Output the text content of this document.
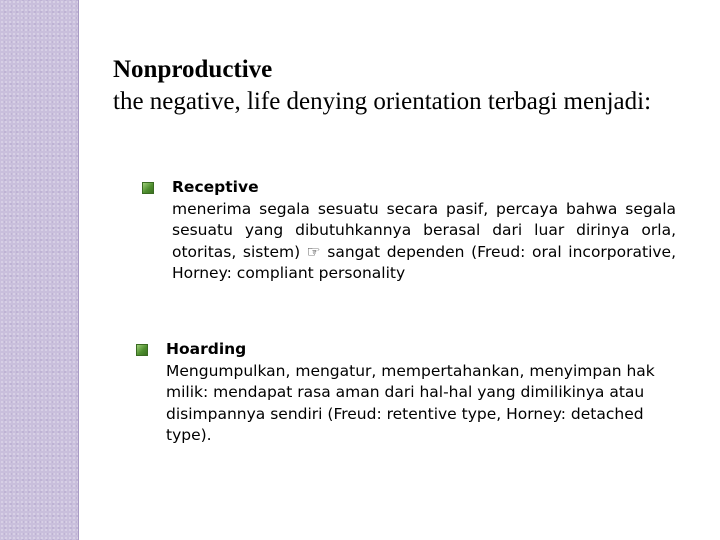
Nonproductive
the negative, life denying orientation terbagi menjadi:
Receptive
menerima segala sesuatu secara pasif, percaya bahwa segala sesuatu yang dibutuhkannya berasal dari luar dirinya orla, otoritas, sistem) ☞ sangat dependen (Freud: oral incorporative, Horney: compliant personality
Hoarding
Mengumpulkan, mengatur, mempertahankan, menyimpan hak milik: mendapat rasa aman dari hal-hal yang dimilikinya atau disimpannya sendiri (Freud: retentive type, Horney: detached type).
